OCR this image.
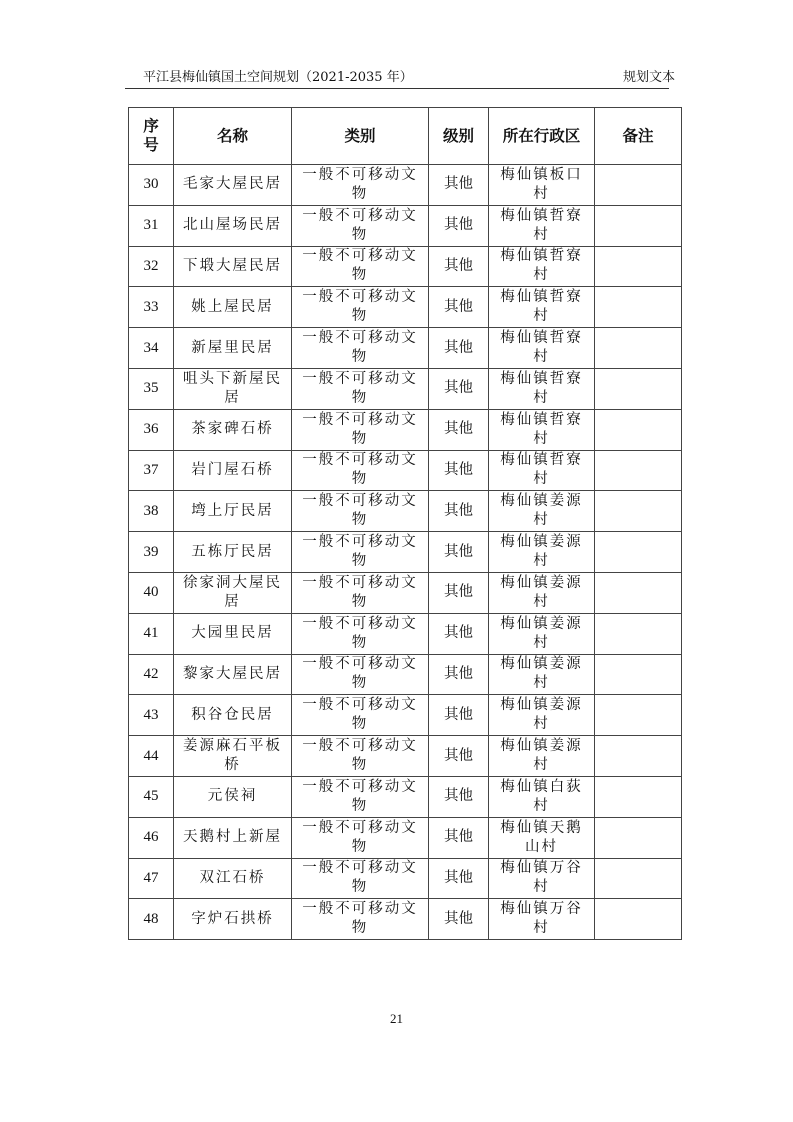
平江县梅仙镇国土空间规划（2021-2035 年）	规划文本
序号	名称	类别	级别	所在行政区	备注
30	毛家大屋民居	一般不可移动文物	其他	梅仙镇板口村	
31	北山屋场民居	一般不可移动文物	其他	梅仙镇哲寮村	
32	下塅大屋民居	一般不可移动文物	其他	梅仙镇哲寮村	
33	姚上屋民居	一般不可移动文物	其他	梅仙镇哲寮村	
34	新屋里民居	一般不可移动文物	其他	梅仙镇哲寮村	
35	咀头下新屋民居	一般不可移动文物	其他	梅仙镇哲寮村	
36	茶家碑石桥	一般不可移动文物	其他	梅仙镇哲寮村	
37	岩门屋石桥	一般不可移动文物	其他	梅仙镇哲寮村	
38	塆上厅民居	一般不可移动文物	其他	梅仙镇姜源村	
39	五栋厅民居	一般不可移动文物	其他	梅仙镇姜源村	
40	徐家洞大屋民居	一般不可移动文物	其他	梅仙镇姜源村	
41	大园里民居	一般不可移动文物	其他	梅仙镇姜源村	
42	黎家大屋民居	一般不可移动文物	其他	梅仙镇姜源村	
43	积谷仓民居	一般不可移动文物	其他	梅仙镇姜源村	
44	姜源麻石平板桥	一般不可移动文物	其他	梅仙镇姜源村	
45	元侯祠	一般不可移动文物	其他	梅仙镇白荻村	
46	天鹅村上新屋	一般不可移动文物	其他	梅仙镇天鹅山村	
47	双江石桥	一般不可移动文物	其他	梅仙镇万谷村	
48	字炉石拱桥	一般不可移动文物	其他	梅仙镇万谷村	
21
